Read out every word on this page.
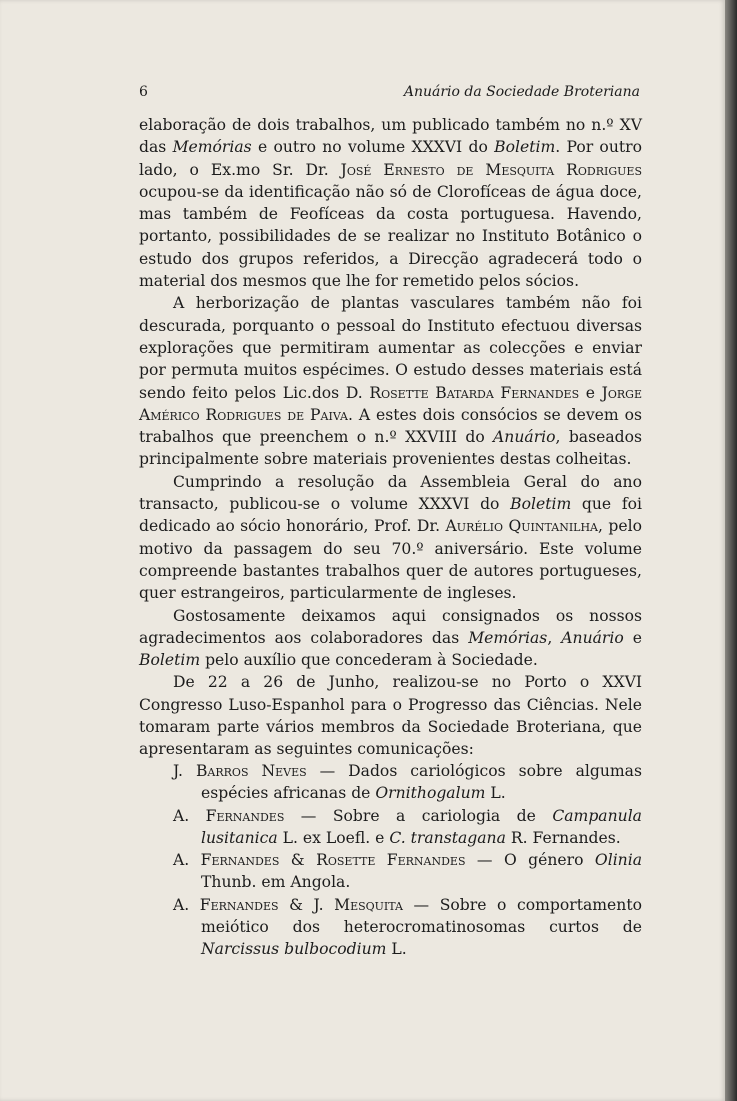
6	Anuário da Sociedade Broteriana

elaboração de dois trabalhos, um publicado também no n.º XV das Memórias e outro no volume XXXVI do Boletim. Por outro lado, o Ex.mo Sr. Dr. José Ernesto de Mesquita Rodrigues ocupou-se da identificação não só de Clorofíceas de água doce, mas também de Feofíceas da costa portuguesa. Havendo, portanto, possibilidades de se realizar no Instituto Botânico o estudo dos grupos referidos, a Direcção agradecerá todo o material dos mesmos que lhe for remetido pelos sócios.

A herborização de plantas vasculares também não foi descurada, porquanto o pessoal do Instituto efectuou diversas explorações que permitiram aumentar as colecções e enviar por permuta muitos espécimes. O estudo desses materiais está sendo feito pelos Lic.dos D. Rosette Batarda Fernandes e Jorge Américo Rodrigues de Paiva. A estes dois consócios se devem os trabalhos que preenchem o n.º XXVIII do Anuário, baseados principalmente sobre materiais provenientes destas colheitas.

Cumprindo a resolução da Assembleia Geral do ano transacto, publicou-se o volume XXXVI do Boletim que foi dedicado ao sócio honorário, Prof. Dr. Aurélio Quintanilha, pelo motivo da passagem do seu 70.º aniversário. Este volume compreende bastantes trabalhos quer de autores portugueses, quer estrangeiros, particularmente de ingleses.

Gostosamente deixamos aqui consignados os nossos agradecimentos aos colaboradores das Memórias, Anuário e Boletim pelo auxílio que concederam à Sociedade.

De 22 a 26 de Junho, realizou-se no Porto o XXVI Congresso Luso-Espanhol para o Progresso das Ciências. Nele tomaram parte vários membros da Sociedade Broteriana, que apresentaram as seguintes comunicações:

J. Barros Neves — Dados cariológicos sobre algumas espécies africanas de Ornithogalum L.

A. Fernandes — Sobre a cariologia de Campanula lusitanica L. ex Loefl. e C. transtagana R. Fernandes.

A. Fernandes & Rosette Fernandes — O género Olinia Thunb. em Angola.

A. Fernandes & J. Mesquita — Sobre o comportamento meiótico dos heterocromatinosomas curtos de Narcissus bulbocodium L.
